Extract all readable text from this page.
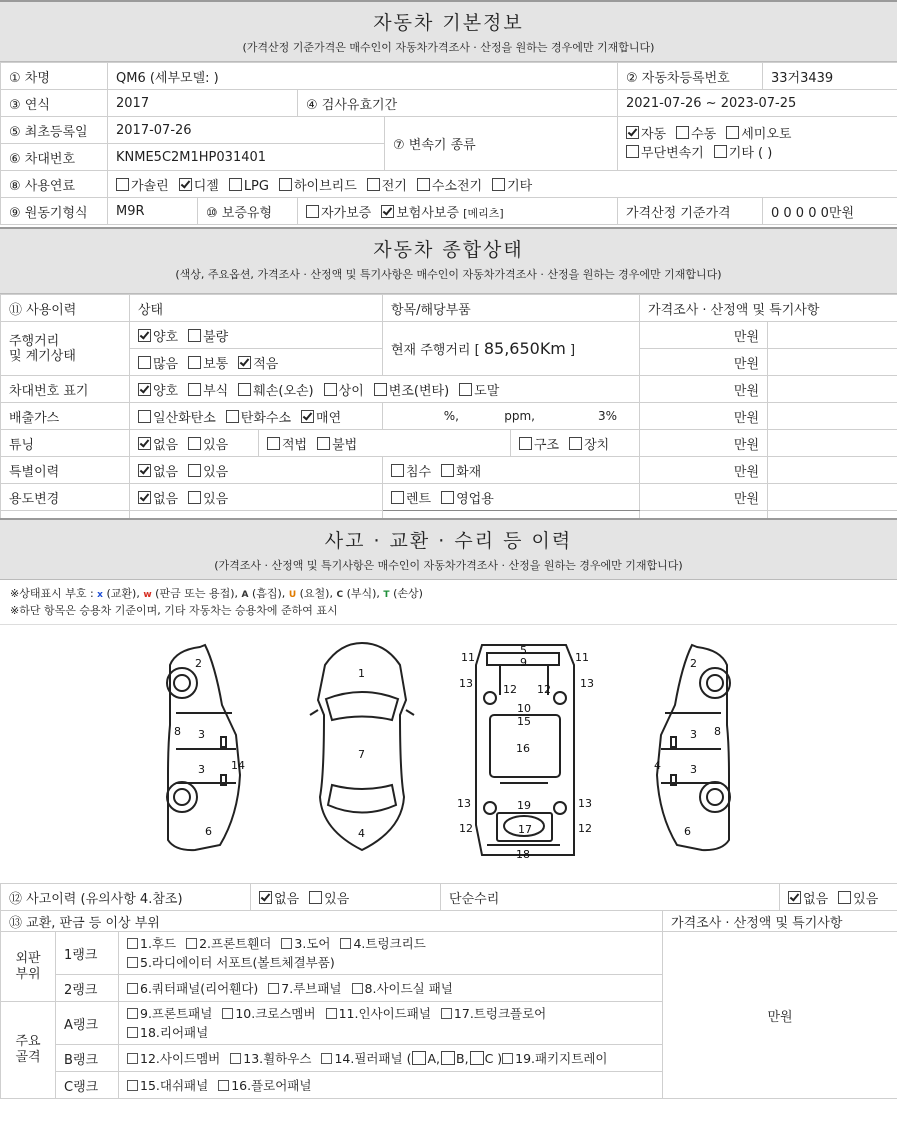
자동차 기본정보
(가격산정 기준가격은 매수인이 자동차가격조사 · 산정을 원하는 경우에만 기재합니다)
① 차명	QM6 (세부모델: )				② 자동차등록번호	33거3439
③ 연식	2017		④ 검사유효기간		2021-07-26 ~ 2023-07-25	
⑤ 최초등록일	2017-07-26			⑦ 변속기 종류	자동 수동 세미오토
무단변속기 기타 ( )	
⑥ 차대번호	KNME5C2M1HP031401					
⑧ 사용연료	가솔린 디젤 LPG 하이브리드 전기 수소전기 기타					
⑨ 원동기형식	M9R	⑩ 보증유형	자가보증 보험사보증 [메리츠]		가격산정 기준가격	0 0 0 0 0만원
자동차 종합상태
(색상, 주요옵션, 가격조사 · 산정액 및 특기사항은 매수인이 자동차가격조사 · 산정을 원하는 경우에만 기재합니다)
⑪ 사용이력	상태		항목/해당부품		가격조사 · 산정액 및 특기사항	
주행거리
및 계기상태	양호 불량		현재 주행거리 [ 85,650Km ]		만원	
	많음 보통 적음				만원	
차대번호 표기	양호 부식 훼손(오손) 상이 변조(변타) 도말				만원	
배출가스	일산화탄소 탄화수소 매연		%, ppm, 3%		만원	
튜닝	없음 있음	적법 불법		구조 장치	만원	
특별이력	없음 있음		침수 화재		만원	
용도변경	없음 있음		렌트 영업용		만원	

사고 · 교환 · 수리 등 이력
(가격조사 · 산정액 및 특기사항은 매수인이 자동차가격조사 · 산정을 원하는 경우에만 기재합니다)
※상태표시 부호 : x (교환), w (판금 또는 용접), A (흠집), U (요철), C (부식), T (손상)
※하단 항목은 승용차 기준이며, 기타 자동차는 승용차에 준하여 표시
2
8 3
3 14
6
1
7
4
5
9
11	11
13	13
12 12
10
15
16
13	13
19
12	12
17
18
2
8
3
3
4
6
⑫ 사고이력 (유의사항 4.참조)			없음 있음	단순수리		없음 있음
⑬ 교환, 판금 등 이상 부위					가격조사 · 산정액 및 특기사항	
외판
부위	1랭크	1.후드 2.프론트휀더 3.도어 4.트렁크리드
5.라디에이터 서포트(볼트체결부품)			만원	
	2랭크	6.쿼터패널(리어휀다) 7.루브패널 8.사이드실 패널				
주요
골격	A랭크	9.프론트패널 10.크로스멤버 11.인사이드패널 17.트렁크플로어
18.리어패널				
	B랭크	12.사이드멤버 13.휠하우스 14.필러패널 ( A, B, C ) 19.패키지트레이				
	C랭크	15.대쉬패널 16.플로어패널				
